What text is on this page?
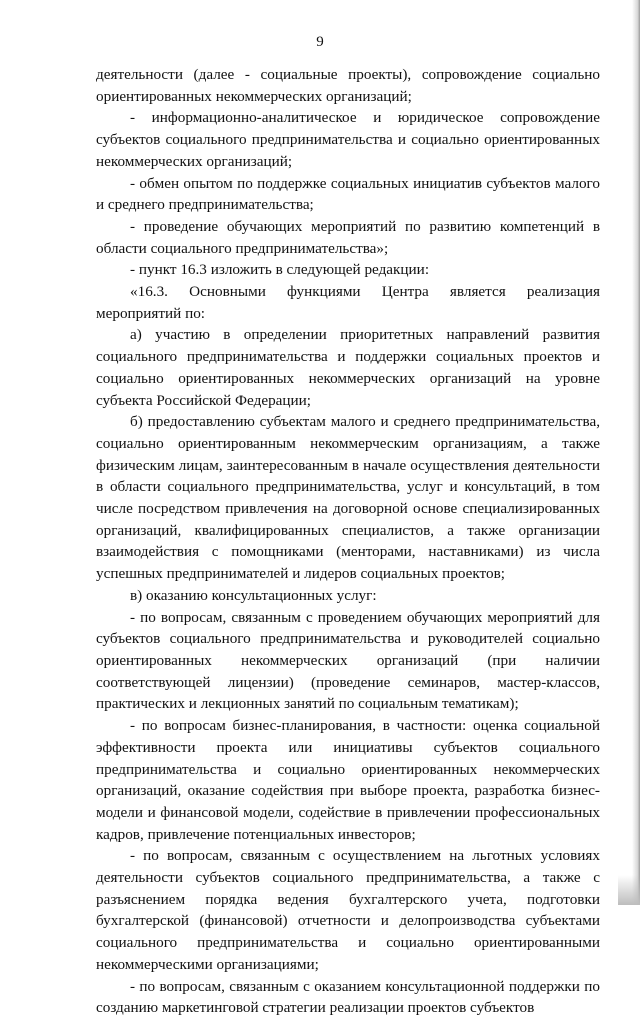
9

деятельности (далее - социальные проекты), сопровождение социально ориентированных некоммерческих организаций;

- информационно-аналитическое и юридическое сопровождение субъектов социального предпринимательства и социально ориентированных некоммерческих организаций;

- обмен опытом по поддержке социальных инициатив субъектов малого и среднего предпринимательства;

- проведение обучающих мероприятий по развитию компетенций в области социального предпринимательства»;

- пункт 16.3 изложить в следующей редакции:

«16.3. Основными функциями Центра является реализация мероприятий по:

а) участию в определении приоритетных направлений развития социального предпринимательства и поддержки социальных проектов и социально ориентированных некоммерческих организаций на уровне субъекта Российской Федерации;

б) предоставлению субъектам малого и среднего предпринимательства, социально ориентированным некоммерческим организациям, а также физическим лицам, заинтересованным в начале осуществления деятельности в области социального предпринимательства, услуг и консультаций, в том числе посредством привлечения на договорной основе специализированных организаций, квалифицированных специалистов, а также организации взаимодействия с помощниками (менторами, наставниками) из числа успешных предпринимателей и лидеров социальных проектов;

в) оказанию консультационных услуг:

- по вопросам, связанным с проведением обучающих мероприятий для субъектов социального предпринимательства и руководителей социально ориентированных некоммерческих организаций (при наличии соответствующей лицензии) (проведение семинаров, мастер-классов, практических и лекционных занятий по социальным тематикам);

- по вопросам бизнес-планирования, в частности: оценка социальной эффективности проекта или инициативы субъектов социального предпринимательства и социально ориентированных некоммерческих организаций, оказание содействия при выборе проекта, разработка бизнес-модели и финансовой модели, содействие в привлечении профессиональных кадров, привлечение потенциальных инвесторов;

- по вопросам, связанным с осуществлением на льготных условиях деятельности субъектов социального предпринимательства, а также с разъяснением порядка ведения бухгалтерского учета, подготовки бухгалтерской (финансовой) отчетности и делопроизводства субъектами социального предпринимательства и социально ориентированными некоммерческими организациями;

- по вопросам, связанным с оказанием консультационной поддержки по созданию маркетинговой стратегии реализации проектов субъектов
